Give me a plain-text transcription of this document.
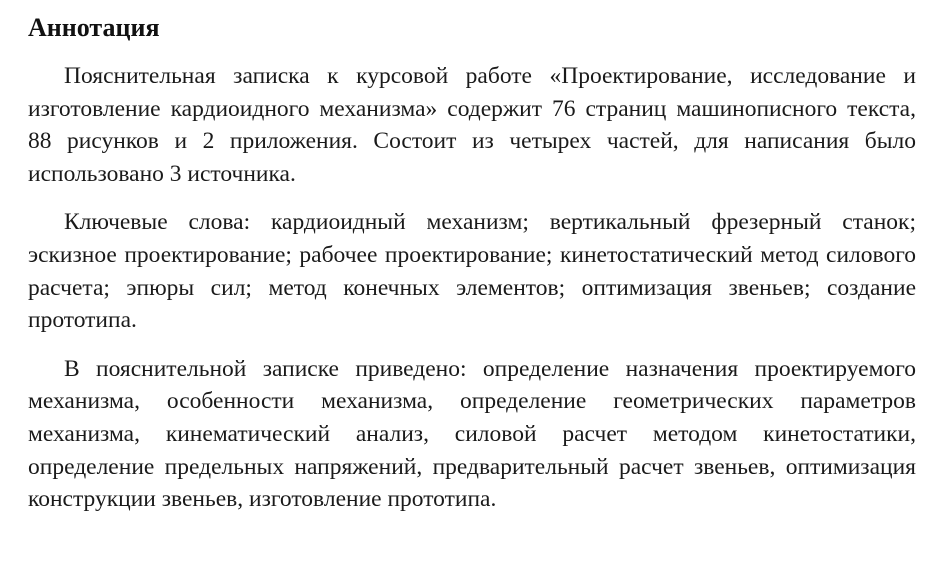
Аннотация

Пояснительная записка к курсовой работе «Проектирование, исследование и изготовление кардиоидного механизма» содержит 76 страниц машинописного текста, 88 рисунков и 2 приложения. Состоит из четырех частей, для написания было использовано 3 источника.

Ключевые слова: кардиоидный механизм; вертикальный фрезерный станок; эскизное проектирование; рабочее проектирование; кинетостатический метод силового расчета; эпюры сил; метод конечных элементов; оптимизация звеньев; создание прототипа.

В пояснительной записке приведено: определение назначения проектируемого механизма, особенности механизма, определение геометрических параметров механизма, кинематический анализ, силовой расчет методом кинетостатики, определение предельных напряжений, предварительный расчет звеньев, оптимизация конструкции звеньев, изготовление прототипа.
